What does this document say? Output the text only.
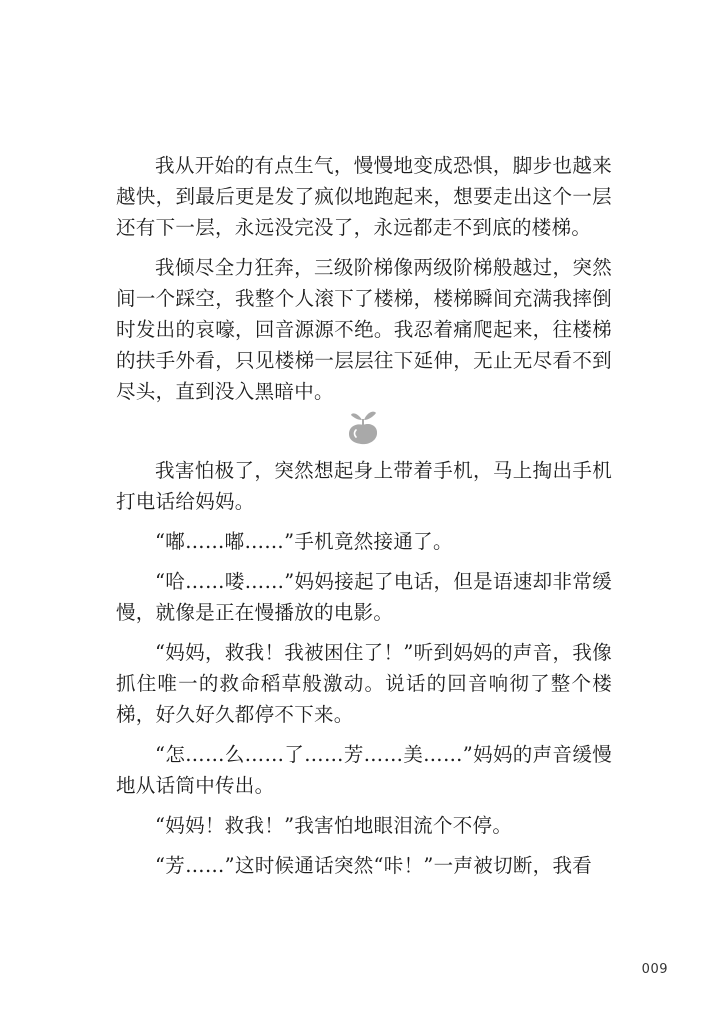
我从开始的有点生气，慢慢地变成恐惧，脚步也越来越快，到最后更是发了疯似地跑起来，想要走出这个一层还有下一层，永远没完没了，永远都走不到底的楼梯。

我倾尽全力狂奔，三级阶梯像两级阶梯般越过，突然间一个踩空，我整个人滚下了楼梯，楼梯瞬间充满我摔倒时发出的哀嚎，回音源源不绝。我忍着痛爬起来，往楼梯的扶手外看，只见楼梯一层层往下延伸，无止无尽看不到尽头，直到没入黑暗中。

我害怕极了，突然想起身上带着手机，马上掏出手机打电话给妈妈。

“嘟……嘟……”手机竟然接通了。

“哈……喽……”妈妈接起了电话，但是语速却非常缓慢，就像是正在慢播放的电影。

“妈妈，救我！我被困住了！”听到妈妈的声音，我像抓住唯一的救命稻草般激动。说话的回音响彻了整个楼梯，好久好久都停不下来。

“怎……么……了……芳……美……”妈妈的声音缓慢地从话筒中传出。

“妈妈！救我！”我害怕地眼泪流个不停。

“芳……”这时候通话突然“咔！”一声被切断，我看

009
